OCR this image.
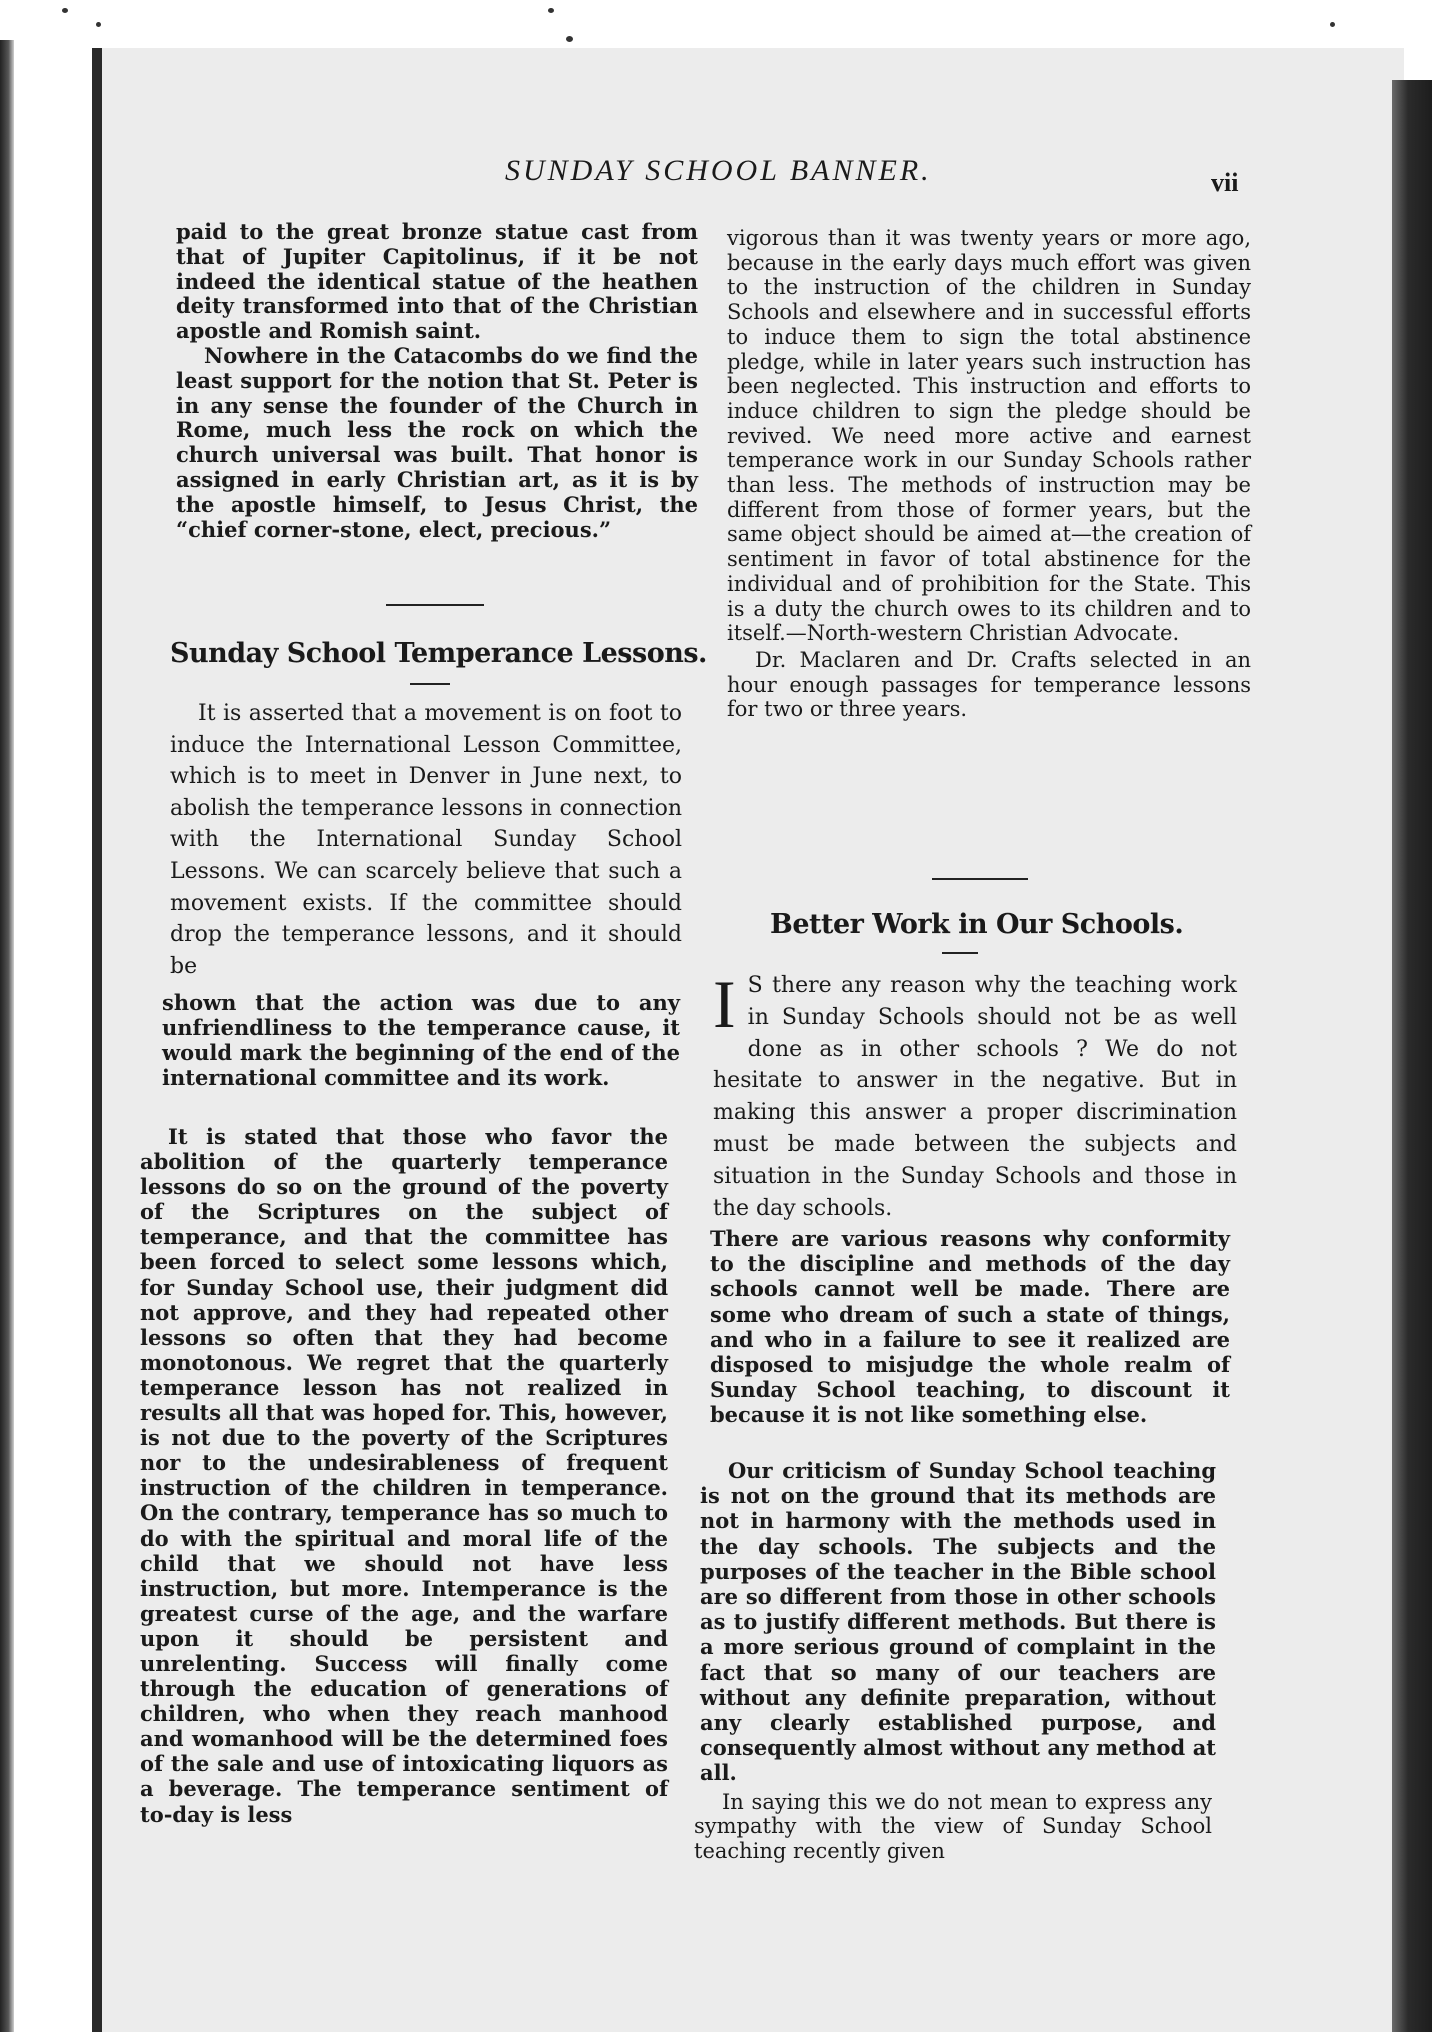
SUNDAY SCHOOL BANNER.	vii

paid to the great bronze statue cast from that of Jupiter Capitolinus, if it be not indeed the identical statue of the heathen deity transformed into that of the Christian apostle and Romish saint.

Nowhere in the Catacombs do we find the least support for the notion that St. Peter is in any sense the founder of the Church in Rome, much less the rock on which the church universal was built. That honor is assigned in early Christian art, as it is by the apostle himself, to Jesus Christ, the “chief corner-stone, elect, precious.”

Sunday School Temperance Lessons.

It is asserted that a movement is on foot to induce the International Lesson Committee, which is to meet in Denver in June next, to abolish the temperance lessons in connection with the International Sunday School Lessons. We can scarcely believe that such a movement exists. If the committee should drop the temperance lessons, and it should be

shown that the action was due to any unfriendliness to the temperance cause, it would mark the beginning of the end of the international committee and its work.

It is stated that those who favor the abolition of the quarterly temperance lessons do so on the ground of the poverty of the Scriptures on the subject of temperance, and that the committee has been forced to select some lessons which, for Sunday School use, their judgment did not approve, and they had repeated other lessons so often that they had become monotonous. We regret that the quarterly temperance lesson has not realized in results all that was hoped for. This, however, is not due to the poverty of the Scriptures nor to the undesirableness of frequent instruction of the children in temperance. On the contrary, temperance has so much to do with the spiritual and moral life of the child that we should not have less instruction, but more. Intemperance is the greatest curse of the age, and the warfare upon it should be persistent and unrelenting. Success will finally come through the education of generations of children, who when they reach manhood and womanhood will be the determined foes of the sale and use of intoxicating liquors as a beverage. The temperance sentiment of to-day is less

vigorous than it was twenty years or more ago, because in the early days much effort was given to the instruction of the children in Sunday Schools and elsewhere and in successful efforts to induce them to sign the total abstinence pledge, while in later years such instruction has been neglected. This instruction and efforts to induce children to sign the pledge should be revived. We need more active and earnest temperance work in our Sunday Schools rather than less. The methods of instruction may be different from those of former years, but the same object should be aimed at—the creation of sentiment in favor of total abstinence for the individual and of prohibition for the State. This is a duty the church owes to its children and to itself.—North-western Christian Advocate.

Dr. Maclaren and Dr. Crafts selected in an hour enough passages for temperance lessons for two or three years.

Better Work in Our Schools.

I S there any reason why the teaching work in Sunday Schools should not be as well done as in other schools ? We do not hesitate to answer in the negative. But in making this answer a proper discrimination must be made between the subjects and situation in the Sunday Schools and those in the day schools.

There are various reasons why conformity to the discipline and methods of the day schools cannot well be made. There are some who dream of such a state of things, and who in a failure to see it realized are disposed to misjudge the whole realm of Sunday School teaching, to discount it because it is not like something else.

Our criticism of Sunday School teaching is not on the ground that its methods are not in harmony with the methods used in the day schools. The subjects and the purposes of the teacher in the Bible school are so different from those in other schools as to justify different methods. But there is a more serious ground of complaint in the fact that so many of our teachers are without any definite preparation, without any clearly established purpose, and consequently almost without any method at all.

In saying this we do not mean to express any sympathy with the view of Sunday School teaching recently given
